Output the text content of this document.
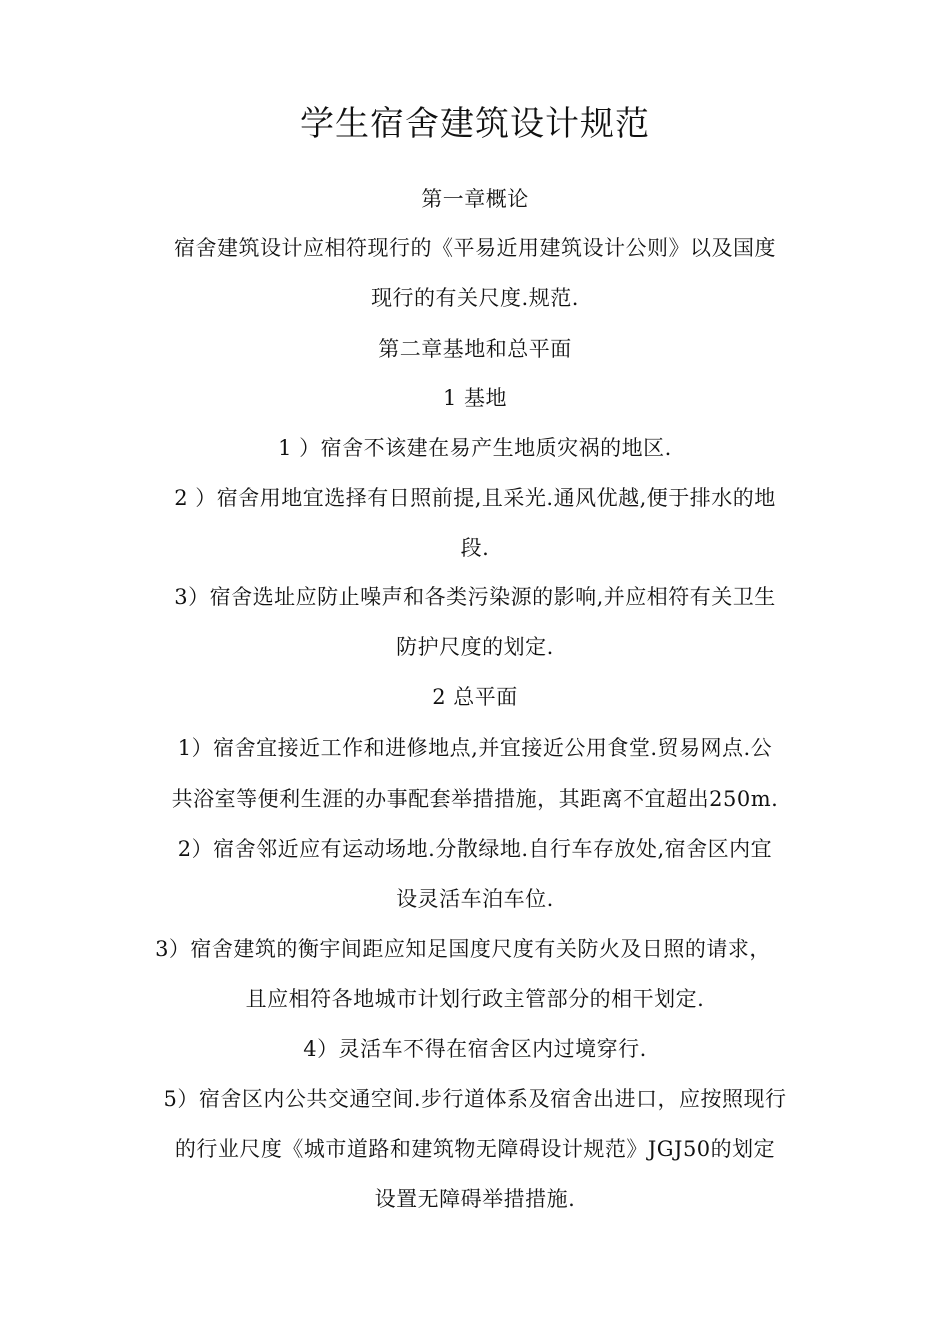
学生宿舍建筑设计规范
第一章概论
宿舍建筑设计应相符现行的《平易近用建筑设计公则》以及国度
现行的有关尺度.规范.
第二章基地和总平面
1 基地
1 ）宿舍不该建在易产生地质灾祸的地区.
2 ）宿舍用地宜选择有日照前提,且采光.通风优越,便于排水的地
段.
3）宿舍选址应防止噪声和各类污染源的影响,并应相符有关卫生
防护尺度的划定.
2 总平面
1）宿舍宜接近工作和进修地点,并宜接近公用食堂.贸易网点.公
共浴室等便利生涯的办事配套举措措施，其距离不宜超出250m.
2）宿舍邻近应有运动场地.分散绿地.自行车存放处,宿舍区内宜
设灵活车泊车位.
3）宿舍建筑的衡宇间距应知足国度尺度有关防火及日照的请求，
且应相符各地城市计划行政主管部分的相干划定.
4）灵活车不得在宿舍区内过境穿行.
5）宿舍区内公共交通空间.步行道体系及宿舍出进口，应按照现行
的行业尺度《城市道路和建筑物无障碍设计规范》JGJ50的划定
设置无障碍举措措施.
